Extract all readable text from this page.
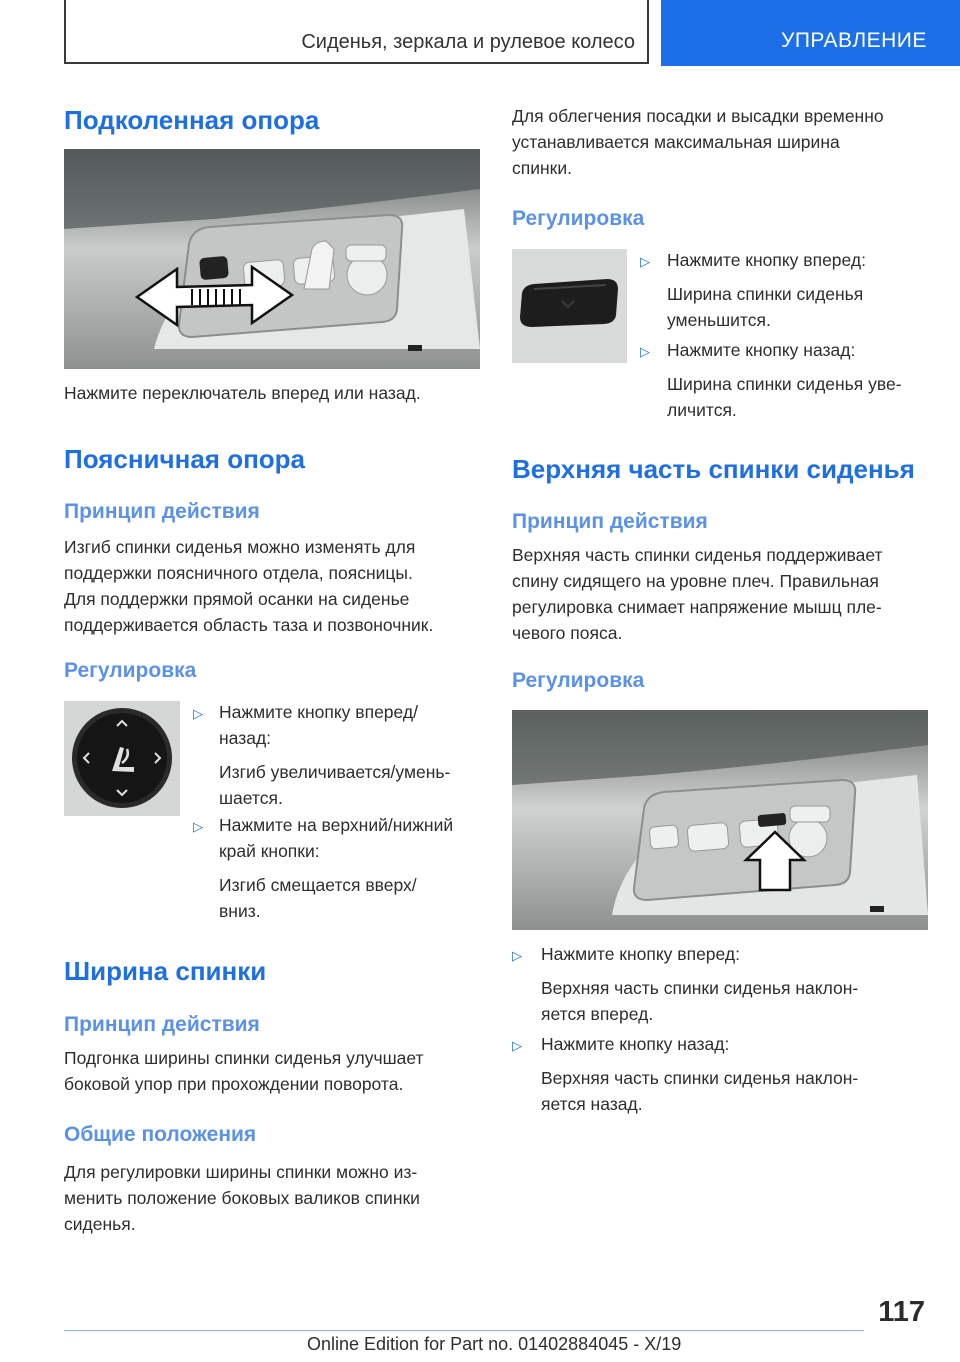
Сиденья, зеркала и рулевое колесо	УПРАВЛЕНИЕ
Подколенная опора
Нажмите переключатель вперед или назад.
Поясничная опора
Принцип действия
Изгиб спинки сиденья можно изменять для
поддержки поясничного отдела, поясницы.
Для поддержки прямой осанки на сиденье
поддерживается область таза и позвоночник.
Регулировка
▷ Нажмите кнопку вперед/
назад:
Изгиб увеличивается/умень‐
шается.
▷ Нажмите на верхний/нижний
край кнопки:
Изгиб смещается вверх/
вниз.
Ширина спинки
Принцип действия
Подгонка ширины спинки сиденья улучшает
боковой упор при прохождении поворота.
Общие положения
Для регулировки ширины спинки можно из‐
менить положение боковых валиков спинки
сиденья.
Для облегчения посадки и высадки временно
устанавливается максимальная ширина
спинки.
Регулировка
▷ Нажмите кнопку вперед:
Ширина спинки сиденья
уменьшится.
▷ Нажмите кнопку назад:
Ширина спинки сиденья уве‐
личится.
Верхняя часть спинки сиденья
Принцип действия
Верхняя часть спинки сиденья поддерживает
спину сидящего на уровне плеч. Правильная
регулировка снимает напряжение мышц пле‐
чевого пояса.
Регулировка
▷ Нажмите кнопку вперед:
Верхняя часть спинки сиденья наклон‐
яется вперед.
▷ Нажмите кнопку назад:
Верхняя часть спинки сиденья наклон‐
яется назад.
117
Online Edition for Part no. 01402884045 - X/19
